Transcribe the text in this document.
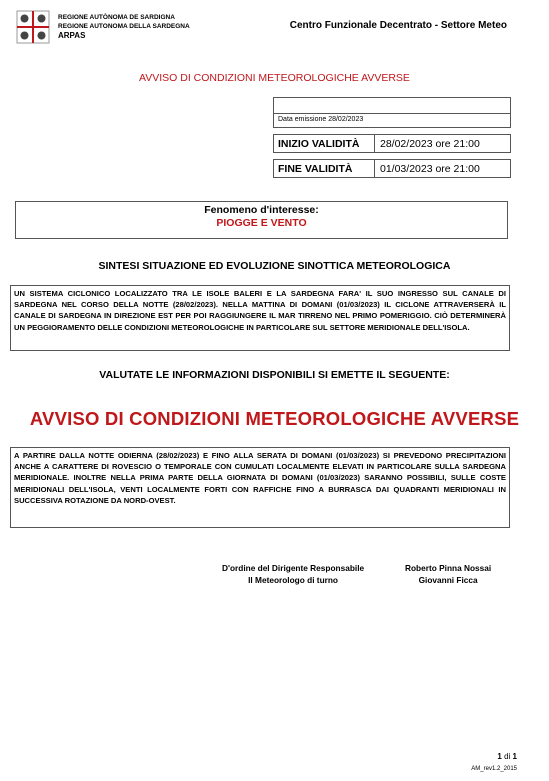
REGIONE AUTÒNOMA DE SARDIGNA
REGIONE AUTONOMA DELLA SARDEGNA
ARPAS
Centro Funzionale Decentrato - Settore Meteo
AVVISO DI CONDIZIONI METEOROLOGICHE AVVERSE
Data emissione 28/02/2023
INIZIO VALIDITÀ 28/02/2023 ore 21:00
FINE VALIDITÀ	01/03/2023 ore 21:00
Fenomeno d'interesse:
PIOGGE E VENTO
SINTESI SITUAZIONE ED EVOLUZIONE SINOTTICA METEOROLOGICA
UN SISTEMA CICLONICO LOCALIZZATO TRA LE ISOLE BALERI E LA SARDEGNA FARA' IL SUO INGRESSO SUL CANALE DI SARDEGNA NEL CORSO DELLA NOTTE (28/02/2023). NELLA MATTINA DI DOMANI (01/03/2023) IL CICLONE ATTRAVERSERÀ IL CANALE DI SARDEGNA IN DIREZIONE EST PER POI RAGGIUNGERE IL MAR TIRRENO NEL PRIMO POMERIGGIO. CIÒ DETERMINERÀ UN PEGGIORAMENTO DELLE CONDIZIONI METEOROLOGICHE IN PARTICOLARE SUL SETTORE MERIDIONALE DELL'ISOLA.
VALUTATE LE INFORMAZIONI DISPONIBILI SI EMETTE IL SEGUENTE:
AVVISO DI CONDIZIONI METEOROLOGICHE AVVERSE
A PARTIRE DALLA NOTTE ODIERNA (28/02/2023) E FINO ALLA SERATA DI DOMANI (01/03/2023) SI PREVEDONO PRECIPITAZIONI ANCHE A CARATTERE DI ROVESCIO O TEMPORALE CON CUMULATI LOCALMENTE ELEVATI IN PARTICOLARE SULLA SARDEGNA MERIDIONALE. INOLTRE NELLA PRIMA PARTE DELLA GIORNATA DI DOMANI (01/03/2023) SARANNO POSSIBILI, SULLE COSTE MERIDIONALI DELL'ISOLA, VENTI LOCALMENTE FORTI CON RAFFICHE FINO A BURRASCA DAI QUADRANTI MERIDIONALI IN SUCCESSIVA ROTAZIONE DA NORD-OVEST.
D'ordine del Dirigente Responsabile
Il Meteorologo di turno
Roberto Pinna Nossai
Giovanni Ficca
1 di 1
AM_rev1.2_2015
